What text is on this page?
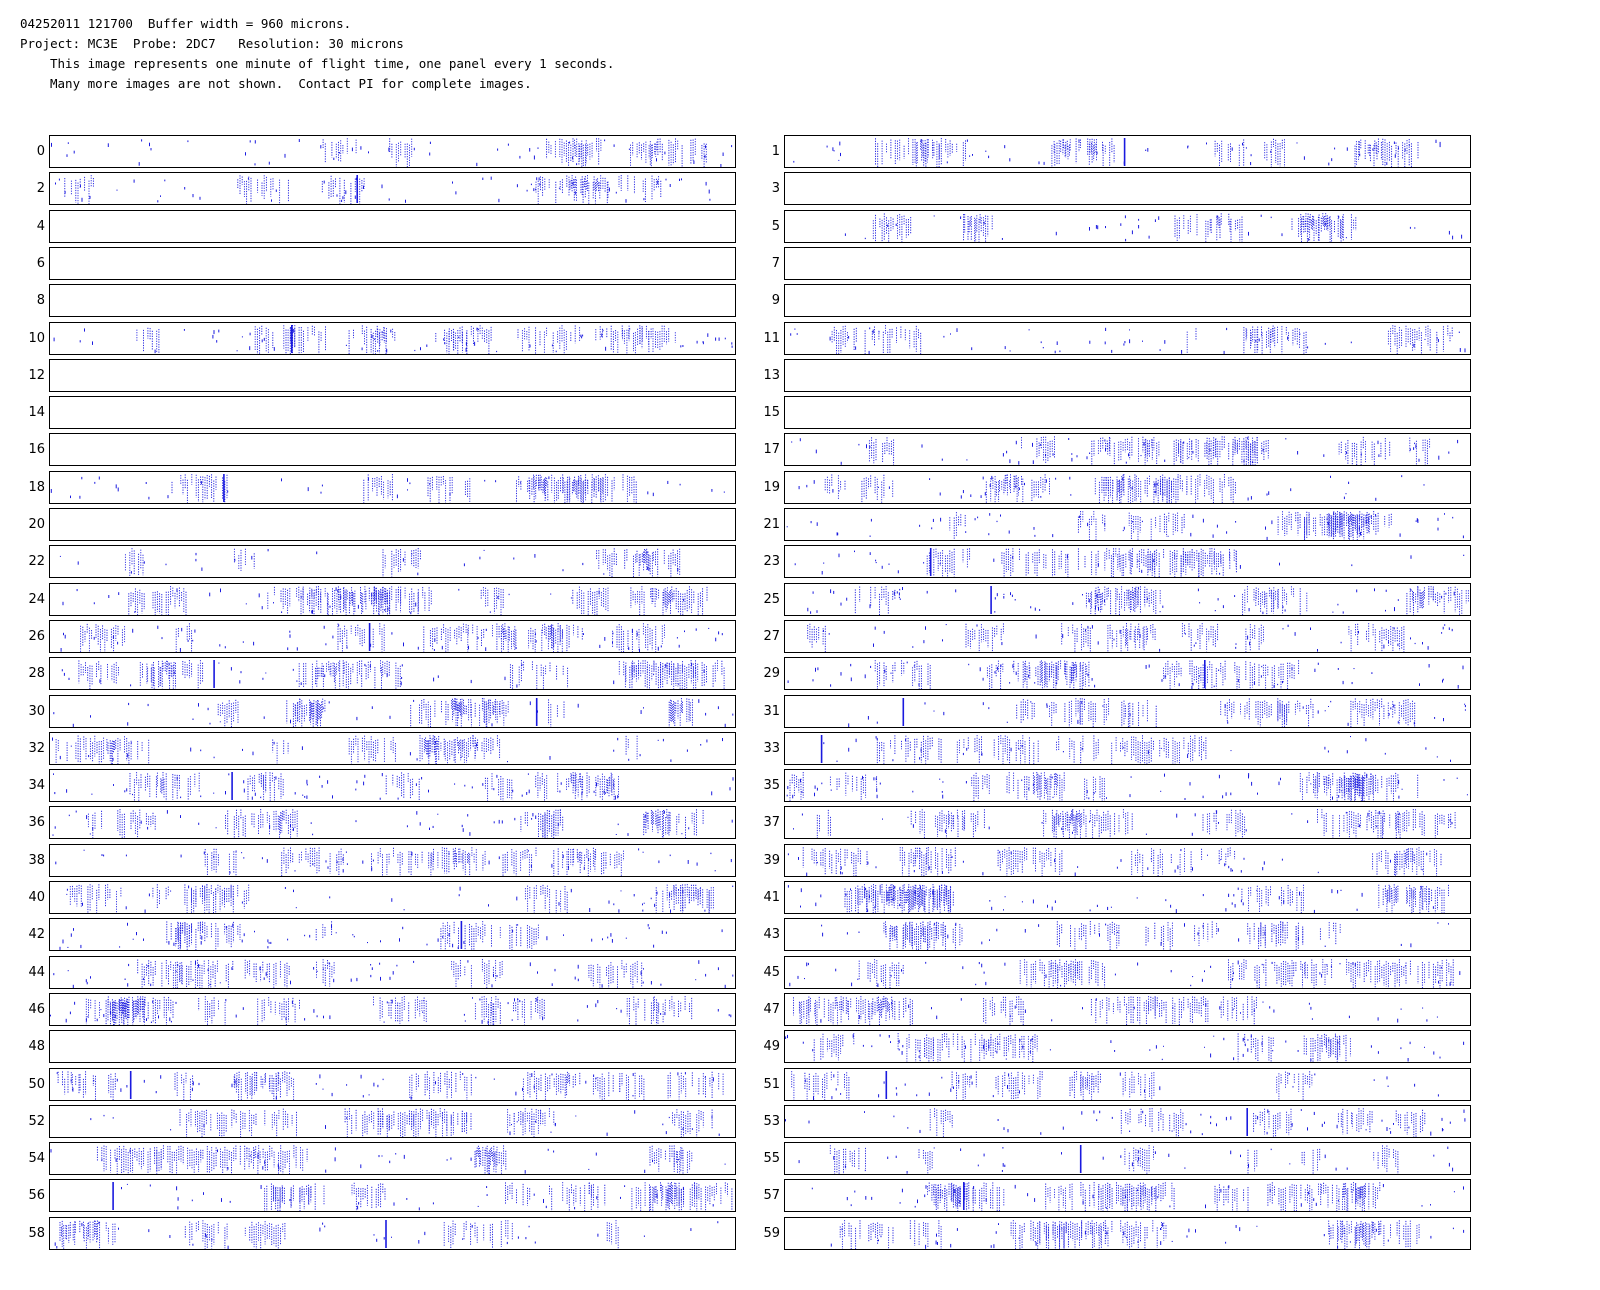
04252011 121700  Buffer width = 960 microns.
Project: MC3E  Probe: 2DC7   Resolution: 30 microns
This image represents one minute of flight time, one panel every 1 seconds.
Many more images are not shown.  Contact PI for complete images.
0	1
2	3
4	5
6	7
8	9
10	11
12	13
14	15
16	17
18	19
20	21
22	23
24	25
26	27
28	29
30	31
32	33
34	35
36	37
38	39
40	41
42	43
44	45
46	47
48	49
50	51
52	53
54	55
56	57
58	59
